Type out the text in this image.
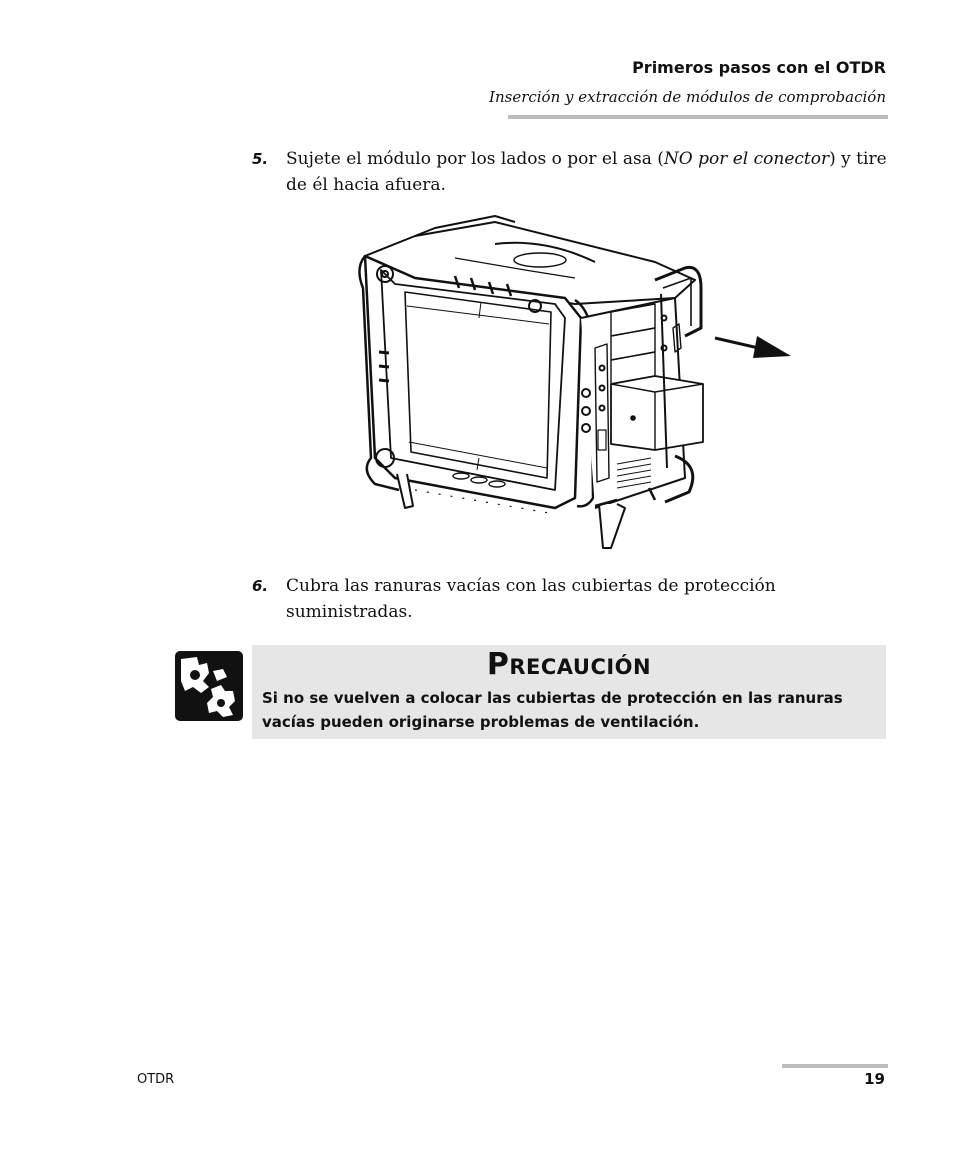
Primeros pasos con el OTDR
Inserción y extracción de módulos de comprobación
5. Sujete el módulo por los lados o por el asa (NO por el conector) y tire de él hacia afuera.
6. Cubra las ranuras vacías con las cubiertas de protección suministradas.
Precaución
Si no se vuelven a colocar las cubiertas de protección en las ranuras vacías pueden originarse problemas de ventilación.
OTDR	19
